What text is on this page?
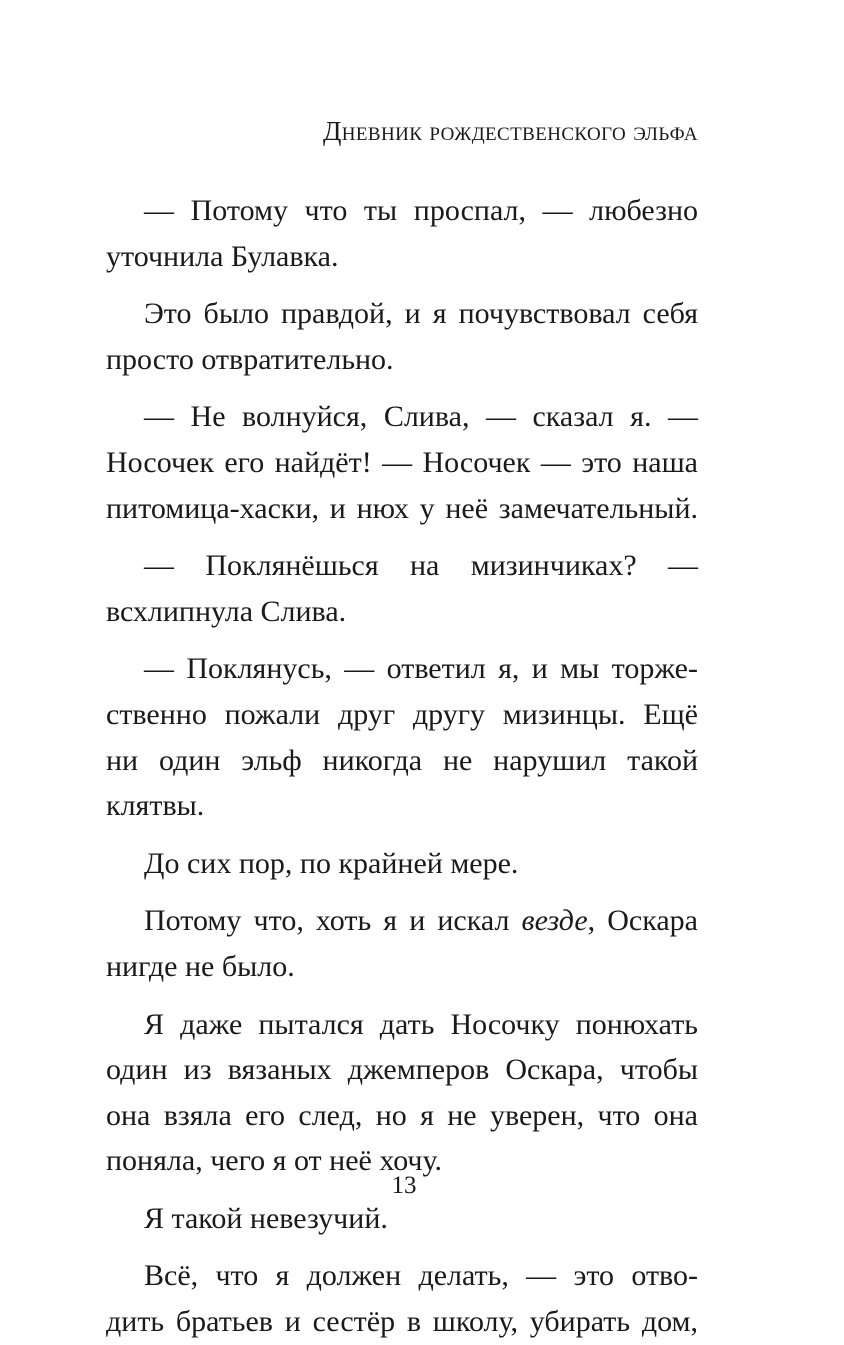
Дневник рождественского эльфа
— Потому что ты проспал, — любезно
уточнила Булавка.
Это было правдой, и я почувствовал себя
просто отвратительно.
— Не волнуйся, Слива, — сказал я. —
Носочек его найдёт! — Носочек — это наша
питомица-хаски, и нюх у неё замечательный.
— Поклянёшься на мизинчиках? —
всхлипнула Слива.
— Поклянусь, — ответил я, и мы торже-
ственно пожали друг другу мизинцы. Ещё
ни один эльф никогда не нарушил такой
клятвы.
До сих пор, по крайней мере.
Потому что, хоть я и искал везде, Оскара
нигде не было.
Я даже пытался дать Носочку понюхать
один из вязаных джемперов Оскара, чтобы
она взяла его след, но я не уверен, что она
поняла, чего я от неё хочу.
Я такой невезучий.
Всё, что я должен делать, — это отво-
дить братьев и сестёр в школу, убирать дом,
13
